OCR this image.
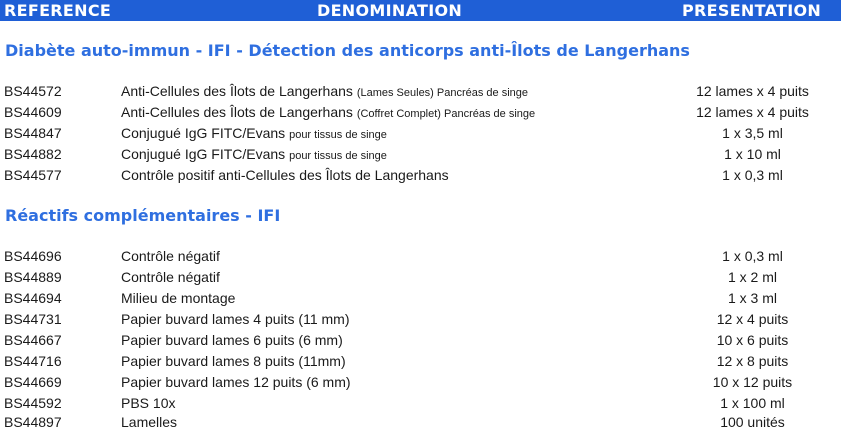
REFERENCE	DENOMINATION	PRESENTATION
Diabète auto-immun - IFI - Détection des anticorps anti-Îlots de Langerhans
BS44572	Anti-Cellules des Îlots de Langerhans (Lames Seules) Pancréas de singe	12 lames x 4 puits
BS44609	Anti-Cellules des Îlots de Langerhans (Coffret Complet) Pancréas de singe	12 lames x 4 puits
BS44847	Conjugué IgG FITC/Evans pour tissus de singe	1 x 3,5 ml
BS44882	Conjugué IgG FITC/Evans pour tissus de singe	1 x 10 ml
BS44577	Contrôle positif anti-Cellules des Îlots de Langerhans	1 x 0,3 ml
Réactifs complémentaires - IFI
BS44696	Contrôle négatif	1 x 0,3 ml
BS44889	Contrôle négatif	1 x 2 ml
BS44694	Milieu de montage	1 x 3 ml
BS44731	Papier buvard lames 4 puits (11 mm)	12 x 4 puits
BS44667	Papier buvard lames 6 puits (6 mm)	10 x 6 puits
BS44716	Papier buvard lames 8 puits (11mm)	12 x 8 puits
BS44669	Papier buvard lames 12 puits (6 mm)	10 x 12 puits
BS44592	PBS 10x	1 x 100 ml
BS44897	Lamelles	100 unités
